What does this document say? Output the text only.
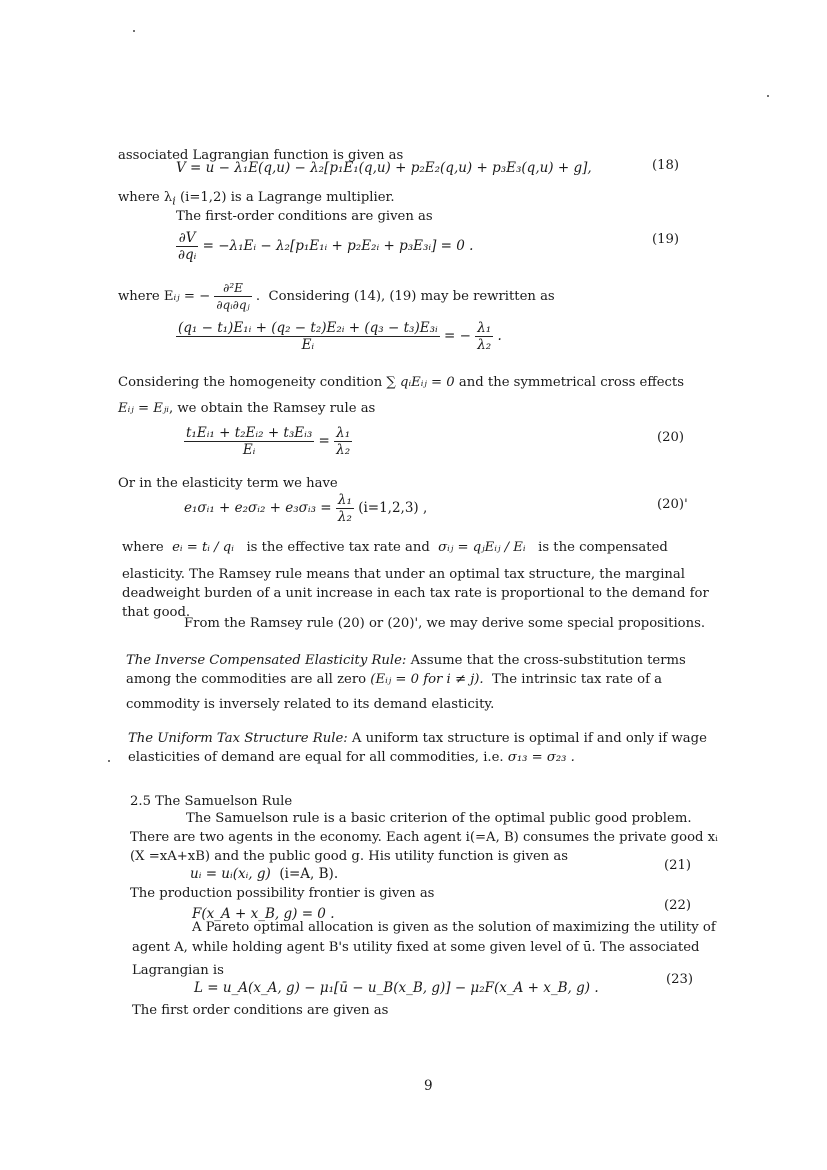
associated Lagrangian function is given as
V = u − λ₁E(q,u) − λ₂[p₁E₁(q,u) + p₂E₂(q,u) + p₃E₃(q,u) + g],	(18)
where $\lambda_i$ (i=1,2) is a Lagrange multiplier.
The first-order conditions are given as
$\frac{\partial V}{\text{∂qᵢ}}$ = −λ₁Eᵢ − λ₂[p₁E₁ᵢ + p₂E₂ᵢ + p₃E₃ᵢ] = 0 .	(19)
where Eᵢⱼ = − $\frac{\text{∂²E}}{\text{∂qᵢ∂qⱼ}}$ . Considering (14), (19) may be rewritten as
$\frac{\text{(q₁ − t₁)E₁ᵢ + (q₂ − t₂)E₂ᵢ + (q₃ − t₃)E₃ᵢ}}{\text{Eᵢ}}$ = − $\frac{\text{λ₁}}{\text{λ₂}}$ .
Considering the homogeneity condition ∑ qᵢEᵢⱼ = 0 and the symmetrical cross effects
Eᵢⱼ = Eⱼᵢ, we obtain the Ramsey rule as
$\frac{\text{t₁Eᵢ₁ + t₂Eᵢ₂ + t₃Eᵢ₃}}{\text{Eᵢ}} = \frac{\text{λ₁}}{\text{λ₂}}$	(20)
Or in the elasticity term we have
e₁σᵢ₁ + e₂σᵢ₂ + e₃σᵢ₃ = $\frac{\text{λ₁}}{\text{λ₂}} (i=1,2,3)$ ,	(20)'
where eᵢ = tᵢ / qᵢ is the effective tax rate and σᵢⱼ = qⱼEᵢⱼ / Eᵢ is the compensated
elasticity. The Ramsey rule means that under an optimal tax structure, the marginal
deadweight burden of a unit increase in each tax rate is proportional to the demand for
that good.
From the Ramsey rule (20) or (20)', we may derive some special propositions.
The Inverse Compensated Elasticity Rule: Assume that the cross-substitution terms
among the commodities are all zero (Eᵢⱼ = 0 for i ≠ j). The intrinsic tax rate of a
commodity is inversely related to its demand elasticity.
The Uniform Tax Structure Rule: A uniform tax structure is optimal if and only if wage
elasticities of demand are equal for all commodities, i.e. σ₁₃ = σ₂₃ .
2.5 The Samuelson Rule
The Samuelson rule is a basic criterion of the optimal public good problem.
There are two agents in the economy. Each agent i(=A, B) consumes the private good xᵢ
(X =xA+xB) and the public good g. His utility function is given as
uᵢ = uᵢ(xᵢ, g) (i=A, B).
(21)
The production possibility frontier is given as
F(x_A + x_B, g) = 0 .
(22)
A Pareto optimal allocation is given as the solution of maximizing the utility of
agent A, while holding agent B's utility fixed at some given level of ū. The associated
Lagrangian is
L = u_A(x_A, g) − μ₁[ū − u_B(x_B, g)] − μ₂F(x_A + x_B, g) .
(23)
The first order conditions are given as
9
